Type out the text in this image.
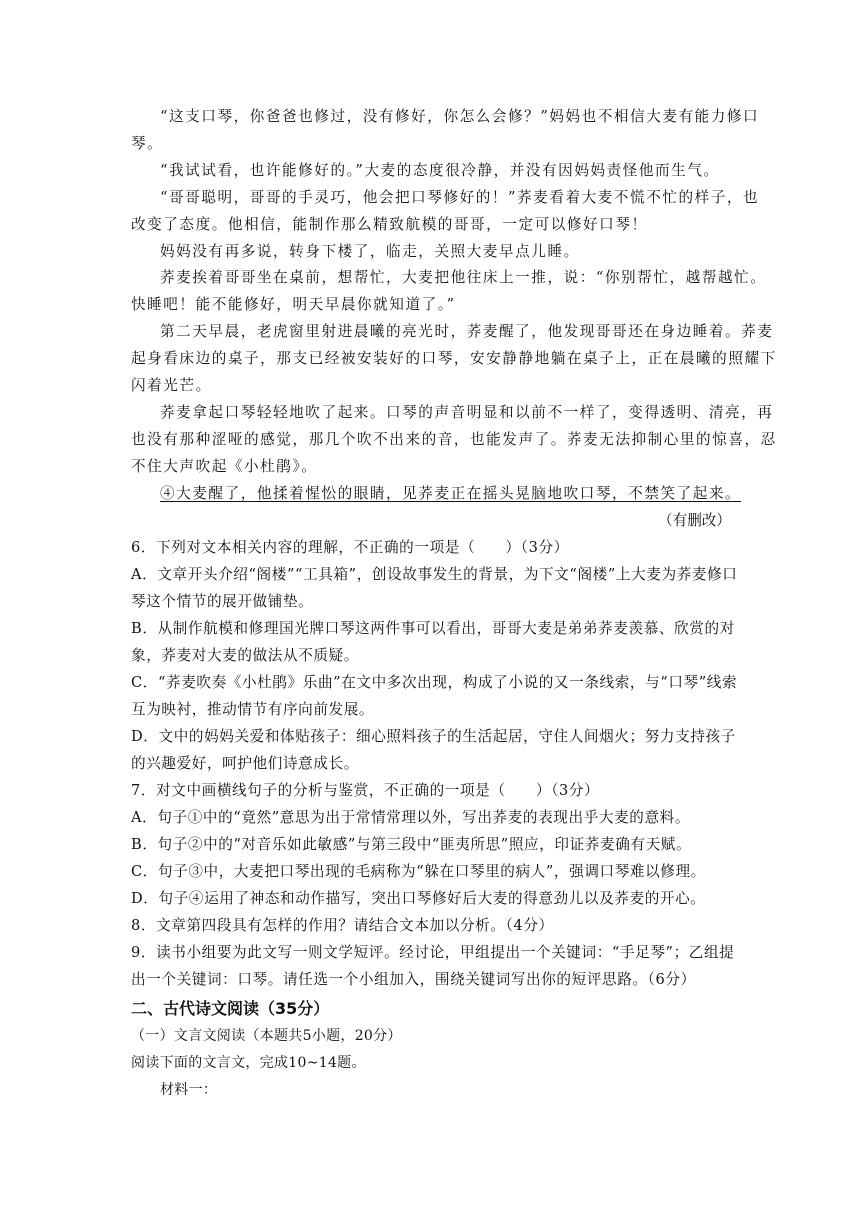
“这支口琴，你爸爸也修过，没有修好，你怎么会修？”妈妈也不相信大麦有能力修口
琴。
“我试试看，也许能修好的。”大麦的态度很冷静，并没有因妈妈责怪他而生气。
“哥哥聪明，哥哥的手灵巧，他会把口琴修好的！”荞麦看着大麦不慌不忙的样子，也
改变了态度。他相信，能制作那么精致航模的哥哥，一定可以修好口琴！
妈妈没有再多说，转身下楼了，临走，关照大麦早点儿睡。
荞麦挨着哥哥坐在桌前，想帮忙，大麦把他往床上一推，说：“你别帮忙，越帮越忙。
快睡吧！能不能修好，明天早晨你就知道了。”
第二天早晨，老虎窗里射进晨曦的亮光时，荞麦醒了，他发现哥哥还在身边睡着。荞麦
起身看床边的桌子，那支已经被安装好的口琴，安安静静地躺在桌子上，正在晨曦的照耀下
闪着光芒。
荞麦拿起口琴轻轻地吹了起来。口琴的声音明显和以前不一样了，变得透明、清亮，再
也没有那种涩哑的感觉，那几个吹不出来的音，也能发声了。荞麦无法抑制心里的惊喜，忍
不住大声吹起《小杜鹃》。
④大麦醒了，他揉着惺忪的眼睛，见荞麦正在摇头晃脑地吹口琴，不禁笑了起来。
（有删改）
6．下列对文本相关内容的理解，不正确的一项是（　　）（3分）
A．文章开头介绍“阁楼”“工具箱”，创设故事发生的背景，为下文“阁楼”上大麦为荞麦修口
琴这个情节的展开做铺垫。
B．从制作航模和修理国光牌口琴这两件事可以看出，哥哥大麦是弟弟荞麦羡慕、欣赏的对
象，荞麦对大麦的做法从不质疑。
C．“荞麦吹奏《小杜鹃》乐曲”在文中多次出现，构成了小说的又一条线索，与“口琴”线索
互为映衬，推动情节有序向前发展。
D．文中的妈妈关爱和体贴孩子：细心照料孩子的生活起居，守住人间烟火；努力支持孩子
的兴趣爱好，呵护他们诗意成长。
7．对文中画横线句子的分析与鉴赏，不正确的一项是（　　）（3分）
A．句子①中的“竟然”意思为出于常情常理以外，写出荞麦的表现出乎大麦的意料。
B．句子②中的“对音乐如此敏感”与第三段中“匪夷所思”照应，印证荞麦确有天赋。
C．句子③中，大麦把口琴出现的毛病称为“躲在口琴里的病人”，强调口琴难以修理。
D．句子④运用了神态和动作描写，突出口琴修好后大麦的得意劲儿以及荞麦的开心。
8．文章第四段具有怎样的作用？请结合文本加以分析。（4分）
9．读书小组要为此文写一则文学短评。经讨论，甲组提出一个关键词：“手足琴”；乙组提
出一个关键词：口琴。请任选一个小组加入，围绕关键词写出你的短评思路。（6分）
二、古代诗文阅读（35分）
（一）文言文阅读（本题共5小题，20分）
阅读下面的文言文，完成10~14题。
材料一：
